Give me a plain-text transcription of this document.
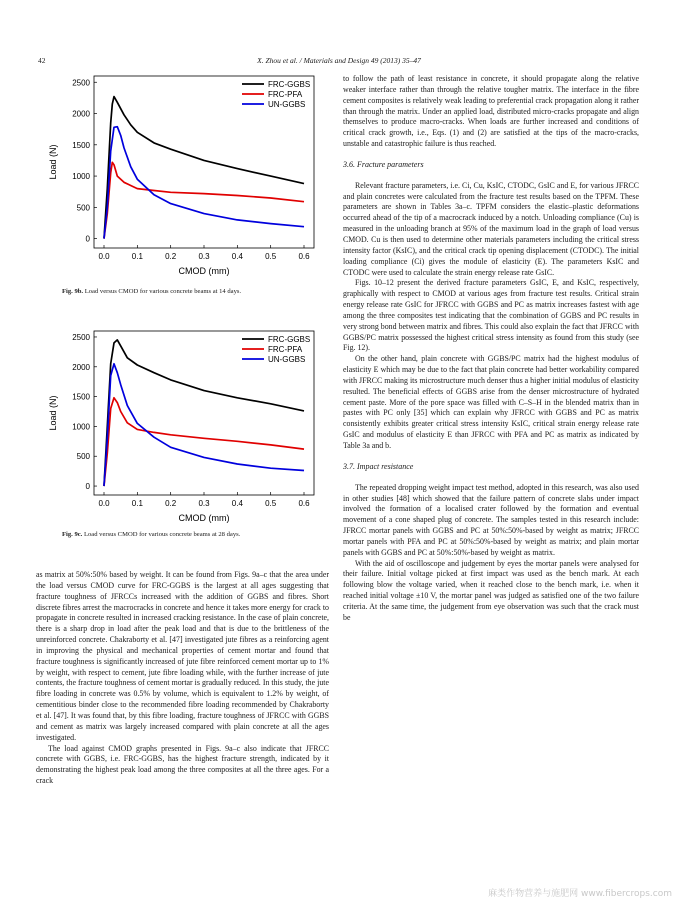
42	X. Zhou et al. / Materials and Design 49 (2013) 35–47
0.0	0.1	0.2	0.3	0.4	0.5	0.6
0
500
1000
1500
2000
2500
CMOD (mm)
Load (N)
FRC-GGBS
FRC-PFA
UN-GGBS
Fig. 9b. Load versus CMOD for various concrete beams at 14 days.
0.0	0.1	0.2	0.3	0.4	0.5	0.6
0
500
1000
1500
2000
2500
CMOD (mm)
Load (N)
FRC-GGBS
FRC-PFA
UN-GGBS
Fig. 9c. Load versus CMOD for various concrete beams at 28 days.

as matrix at 50%:50% based by weight. It can be found from Figs. 9a–c that the area under the load versus CMOD curve for FRC-GGBS is the largest at all ages suggesting that fracture toughness of JFRCCs increased with the addition of GGBS and fibres. Short discrete fibres arrest the macrocracks in concrete and hence it takes more energy for crack to propagate in concrete resulted in increased cracking resistance. In the case of plain concrete, there is a sharp drop in load after the peak load and that is due to the brittleness of the unreinforced concrete. Chakraborty et al. [47] investigated jute fibres as a reinforcing agent in improving the physical and mechanical properties of cement mortar and found that fracture toughness is significantly increased of jute fibre reinforced cement mortar up to 1% by weight, with respect to cement, jute fibre loading while, with the further increase of jute contents, the fracture toughness of cement mortar is gradually reduced. In this study, the jute fibre loading in concrete was 0.5% by volume, which is equivalent to 1.2% by weight, of cementitious binder close to the recommended fibre loading recommended by Chakraborty et al. [47]. It was found that, by this fibre loading, fracture toughness of JFRCC with GGBS and cement as matrix was largely increased compared with plain concrete at all the ages investigated.

The load against CMOD graphs presented in Figs. 9a–c also indicate that JFRCC concrete with GGBS, i.e. FRC-GGBS, has the highest fracture strength, indicated by it demonstrating the highest peak load among the three composites at all the three ages. For a crack

to follow the path of least resistance in concrete, it should propagate along the relative weaker interface rather than through the relative tougher matrix. The interface in the fibre cement composites is relatively weak leading to preferential crack propagation along it rather than through the matrix. Under an applied load, distributed micro-cracks propagate and align themselves to produce macro-cracks. When loads are further increased and conditions of critical crack growth, i.e., Eqs. (1) and (2) are satisfied at the tips of the macro-cracks, unstable and catastrophic failure is thus reached.

3.6. Fracture parameters

Relevant fracture parameters, i.e. Ci, Cu, KsIC, CTODC, GsIC and E, for various JFRCC and plain concretes were calculated from the fracture test results based on the TPFM. These parameters are shown in Tables 3a–c. TPFM considers the elastic–plastic deformations occurred ahead of the tip of a macrocrack induced by a notch. Unloading compliance (Cu) is measured in the unloading branch at 95% of the maximum load in the graph of load versus CMOD. Cu is then used to determine other materials parameters including the critical stress intensity factor (KsIC), and the critical crack tip opening displacement (CTODC). The initial loading compliance (Ci) gives the module of elasticity (E). The parameters KsIC and CTODC were used to calculate the strain energy release rate GsIC.

Figs. 10–12 present the derived fracture parameters GsIC, E, and KsIC, respectively, graphically with respect to CMOD at various ages from fracture test results. Critical strain energy release rate GsIC for JFRCC with GGBS and PC as matrix increases fastest with age among the three composites test indicating that the combination of GGBS and PC results in very strong bond between matrix and fibres. This could also explain the fact that JFRCC with GGBS/PC matrix possessed the highest critical stress intensity as found from this study (see Fig. 12).

On the other hand, plain concrete with GGBS/PC matrix had the highest modulus of elasticity E which may be due to the fact that plain concrete had better workability compared with JFRCC making its microstructure much denser thus a higher initial modulus of elasticity resulted. The beneficial effects of GGBS arise from the denser microstructure of hydrated cement paste. More of the pore space was filled with C–S–H in the blended matrix than in pastes with PC only [35] which can explain why JFRCC with GGBS and PC as matrix consistently exhibits greater critical stress intensity KsIC, critical strain energy release rate GsIC and modulus of elasticity E than JFRCC with PFA and PC as matrix as indicated by Table 3a and b.

3.7. Impact resistance

The repeated dropping weight impact test method, adopted in this research, was also used in other studies [48] which showed that the failure pattern of concrete slabs under impact involved the formation of a localised crater followed by the formation and eventual movement of a cone shaped plug of concrete. The samples tested in this research include: JFRCC mortar panels with GGBS and PC at 50%:50%-based by weight as matrix; JFRCC mortar panels with PFA and PC at 50%:50%-based by weight as matrix; and plain mortar panels with GGBS and PC at 50%:50%-based by weight as matrix.

With the aid of oscilloscope and judgement by eyes the mortar panels were analysed for their failure. Initial voltage picked at first impact was used as the bench mark. At each following blow the voltage varied, when it reached close to the bench mark, i.e. when it reached initial voltage ±10 V, the mortar panel was judged as satisfied one of the two failure criteria. At the same time, the judgement from eye observation was such that the crack must be

麻类作物营养与施肥网 www.fibercrops.com
